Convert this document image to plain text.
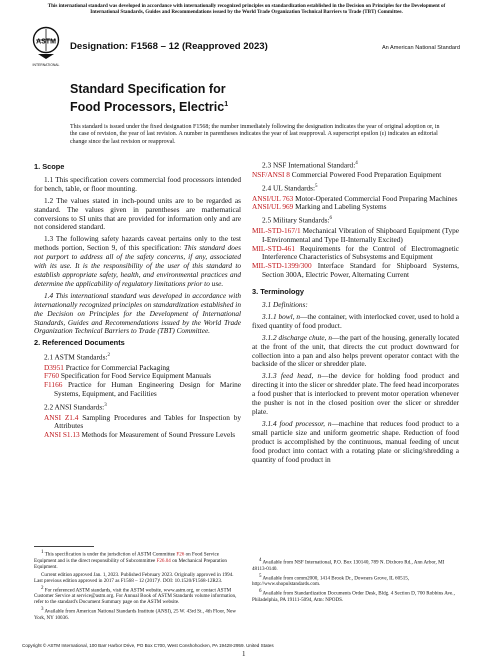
This international standard was developed in accordance with internationally recognized principles on standardization established in the Decision on Principles for the Development of International Standards, Guides and Recommendations issued by the World Trade Organization Technical Barriers to Trade (TBT) Committee.
ASTM
INTERNATIONAL
Designation: F1568 – 12 (Reapproved 2023)	An American National Standard
Standard Specification for
Food Processors, Electric$^1$
This standard is issued under the fixed designation F1568; the number immediately following the designation indicates the year of original adoption or, in the case of revision, the year of last revision. A number in parentheses indicates the year of last reapproval. A superscript epsilon (ε) indicates an editorial change since the last revision or reapproval.
1. Scope

1.1 This specification covers commercial food processors intended for bench, table, or floor mounting.

1.2 The values stated in inch-pound units are to be regarded as standard. The values given in parentheses are mathematical conversions to SI units that are provided for information only and are not considered standard.

1.3 The following safety hazards caveat pertains only to the test methods portion, Section 9, of this specification: This standard does not purport to address all of the safety concerns, if any, associated with its use. It is the responsibility of the user of this standard to establish appropriate safety, health, and environmental practices and determine the applicability of regulatory limitations prior to use.

1.4 This international standard was developed in accordance with internationally recognized principles on standardization established in the Decision on Principles for the Development of International Standards, Guides and Recommendations issued by the World Trade Organization Technical Barriers to Trade (TBT) Committee.

2. Referenced Documents
2.1 ASTM Standards:$^2$

D3951 Practice for Commercial Packaging

F760 Specification for Food Service Equipment Manuals

F1166 Practice for Human Engineering Design for Marine Systems, Equipment, and Facilities

2.2 ANSI Standards:$^3$

ANSI Z1.4 Sampling Procedures and Tables for Inspection by Attributes

ANSI S1.13 Methods for Measurement of Sound Pressure Levels

2.3 NSF International Standard:$^4$

NSF/ANSI 8 Commercial Powered Food Preparation Equipment

2.4 UL Standards:$^5$

ANSI/UL 763 Motor-Operated Commercial Food Preparing Machines

ANSI/UL 969 Marking and Labeling Systems

2.5 Military Standards:$^6$

MIL-STD-167/1 Mechanical Vibration of Shipboard Equipment (Type I-Environmental and Type II-Internally Excited)

MIL-STD-461 Requirements for the Control of Electromagnetic Interference Characteristics of Subsystems and Equipment

MIL-STD-1399/300 Interface Standard for Shipboard Systems, Section 300A, Electric Power, Alternating Current

3. Terminology

3.1 Definitions:

3.1.1 bowl, n—the container, with interlocked cover, used to hold a fixed quantity of food product.

3.1.2 discharge chute, n—the part of the housing, generally located at the front of the unit, that directs the cut product downward for collection into a pan and also helps prevent operator contact with the backside of the slicer or shredder plate.

3.1.3 feed head, n—the device for holding food product and directing it into the slicer or shredder plate. The feed head incorporates a food pusher that is interlocked to prevent motor operation whenever the pusher is not in the closed position over the slicer or shredder plate.

3.1.4 food processor, n—machine that reduces food product to a small particle size and uniform geometric shape. Reduction of food product is accomplished by the continuous, manual feeding of uncut food product into contact with a rotating plate or slicing/shredding a quantity of food product in

1 This specification is under the jurisdiction of ASTM Committee F26 on Food Service Equipment and is the direct responsibility of Subcommittee F26.04 on Mechanical Preparation Equipment.

Current edition approved Jan. 1, 2023. Published February 2023. Originally approved in 1994. Last previous edition approved in 2017 as F1568 – 12 (2017)¹. DOI: 10.1520/F1568-12R23.

2 For referenced ASTM standards, visit the ASTM website, www.astm.org, or contact ASTM Customer Service at service@astm.org. For Annual Book of ASTM Standards volume information, refer to the standard's Document Summary page on the ASTM website.

3 Available from American National Standards Institute (ANSI), 25 W. 43rd St., 4th Floor, New York, NY 10036.

4 Available from NSF International, P.O. Box 130140, 789 N. Dixboro Rd., Ann Arbor, MI 48113-0140.

5 Available from comm2000, 1414 Brook Dr., Downers Grove, IL 60515, http://www.shopulstandards.com.

6 Available from Standardization Documents Order Desk, Bldg. 4 Section D, 700 Robbins Ave., Philadelphia, PA 19111-5094, Attn: NPODS.

Copyright © ASTM International, 100 Barr Harbor Drive, PO Box C700, West Conshohocken, PA 19428-2959. United States
1
